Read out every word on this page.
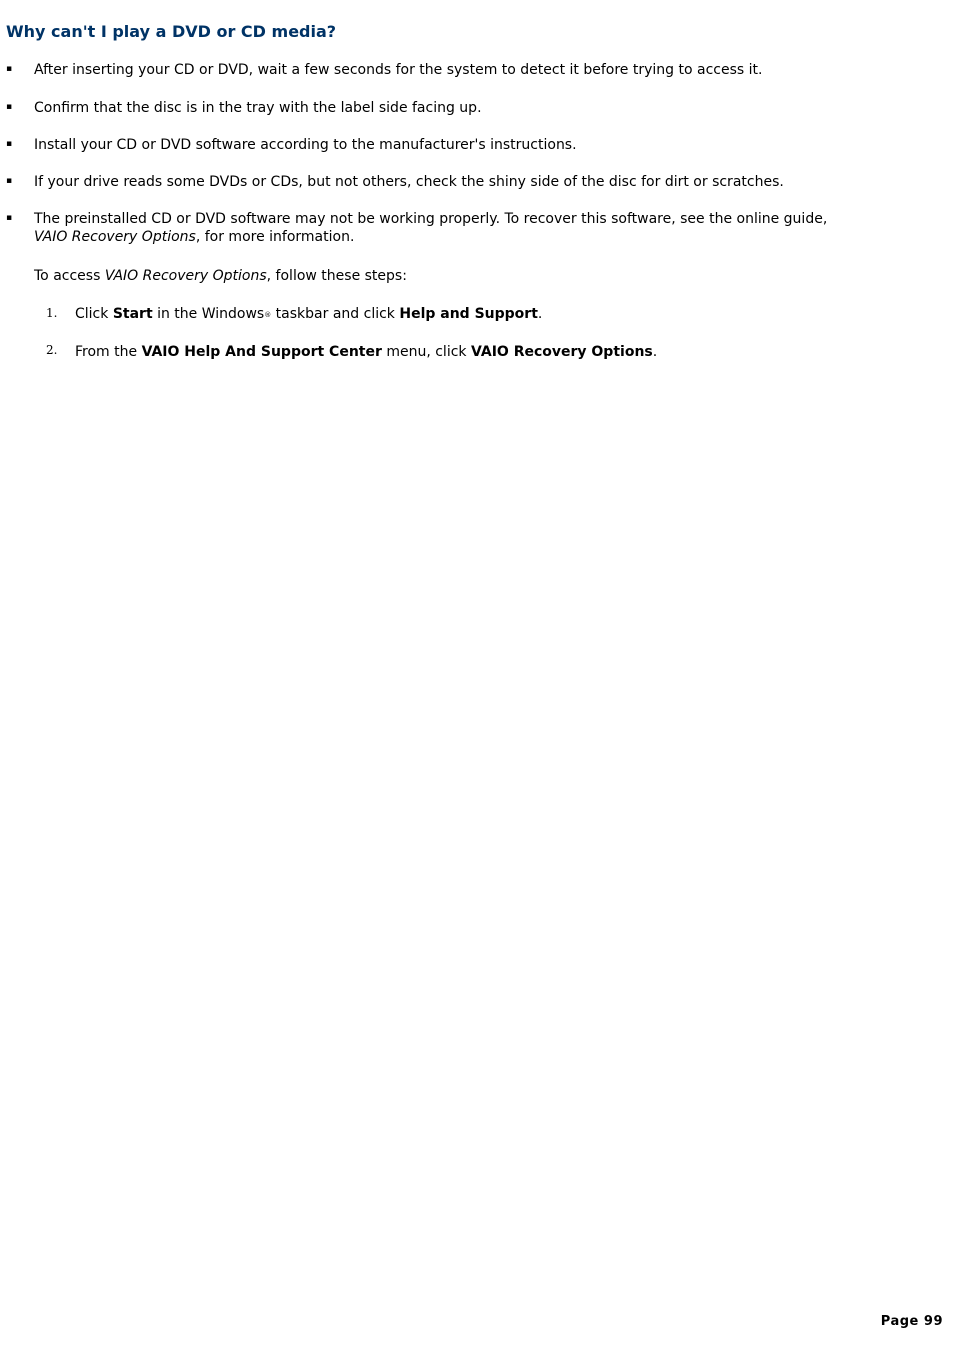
Why can't I play a DVD or CD media?
▪ After inserting your CD or DVD, wait a few seconds for the system to detect it before trying to access it.
▪ Confirm that the disc is in the tray with the label side facing up.
▪ Install your CD or DVD software according to the manufacturer's instructions.
▪ If your drive reads some DVDs or CDs, but not others, check the shiny side of the disc for dirt or scratches.
▪ The preinstalled CD or DVD software may not be working properly. To recover this software, see the online guide,
VAIO Recovery Options, for more information.
To access VAIO Recovery Options, follow these steps:
1. Click Start in the Windows® taskbar and click Help and Support.
2. From the VAIO Help And Support Center menu, click VAIO Recovery Options.
Page 99
